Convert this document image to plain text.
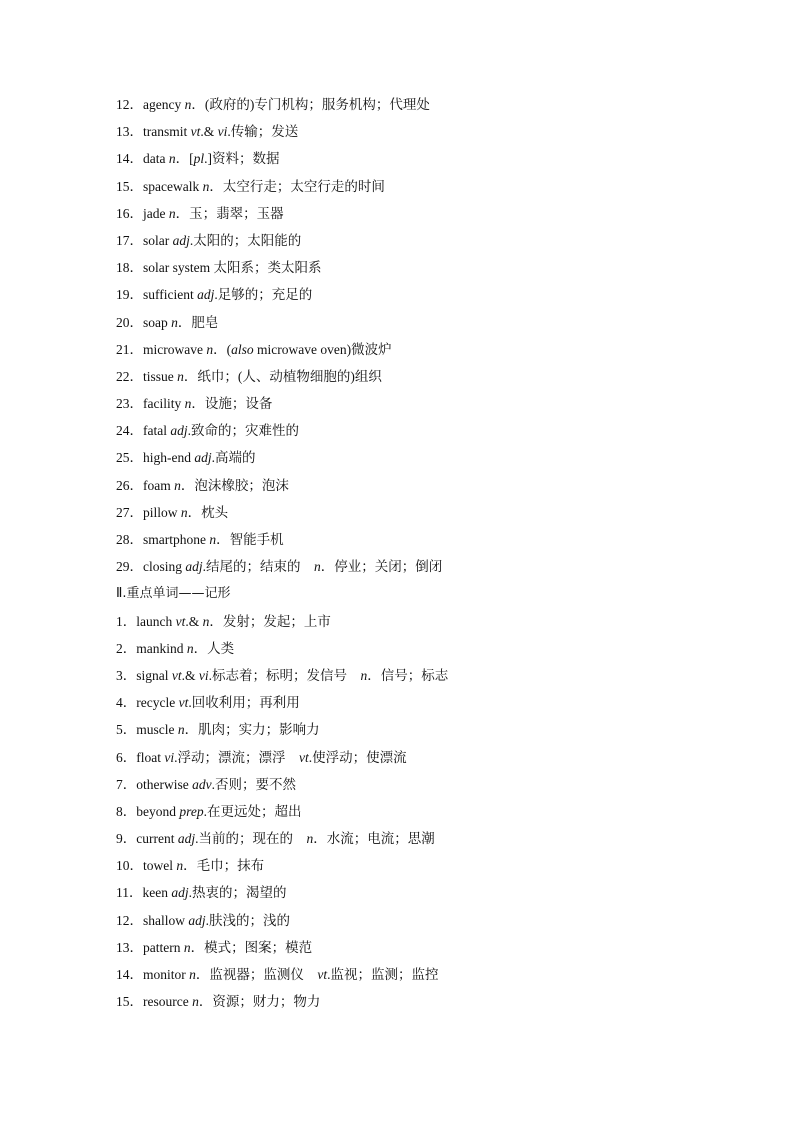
12．agency n．(政府的)专门机构；服务机构；代理处
13．transmit vt.& vi.传输；发送
14．data n．[pl.]资料；数据
15．spacewalk n．太空行走；太空行走的时间
16．jade n．玉；翡翠；玉器
17．solar adj.太阳的；太阳能的
18．solar system 太阳系；类太阳系
19．sufficient adj.足够的；充足的
20．soap n．肥皂
21．microwave n．(also microwave oven)微波炉
22．tissue n．纸巾；(人、动植物细胞的)组织
23．facility n．设施；设备
24．fatal adj.致命的；灾难性的
25．high-end adj.高端的
26．foam n．泡沫橡胶；泡沫
27．pillow n．枕头
28．smartphone n．智能手机
29．closing adj.结尾的；结束的　n．停业；关闭；倒闭
Ⅱ.重点单词——记形
1．launch vt.& n．发射；发起；上市
2．mankind n．人类
3．signal vt.& vi.标志着；标明；发信号　n．信号；标志
4．recycle vt.回收利用；再利用
5．muscle n．肌肉；实力；影响力
6．float vi.浮动；漂流；漂浮　vt.使浮动；使漂流
7．otherwise adv.否则；要不然
8．beyond prep.在更远处；超出
9．current adj.当前的；现在的　n．水流；电流；思潮
10．towel n．毛巾；抹布
11．keen adj.热衷的；渴望的
12．shallow adj.肤浅的；浅的
13．pattern n．模式；图案；模范
14．monitor n．监视器；监测仪　vt.监视；监测；监控
15．resource n．资源；财力；物力
